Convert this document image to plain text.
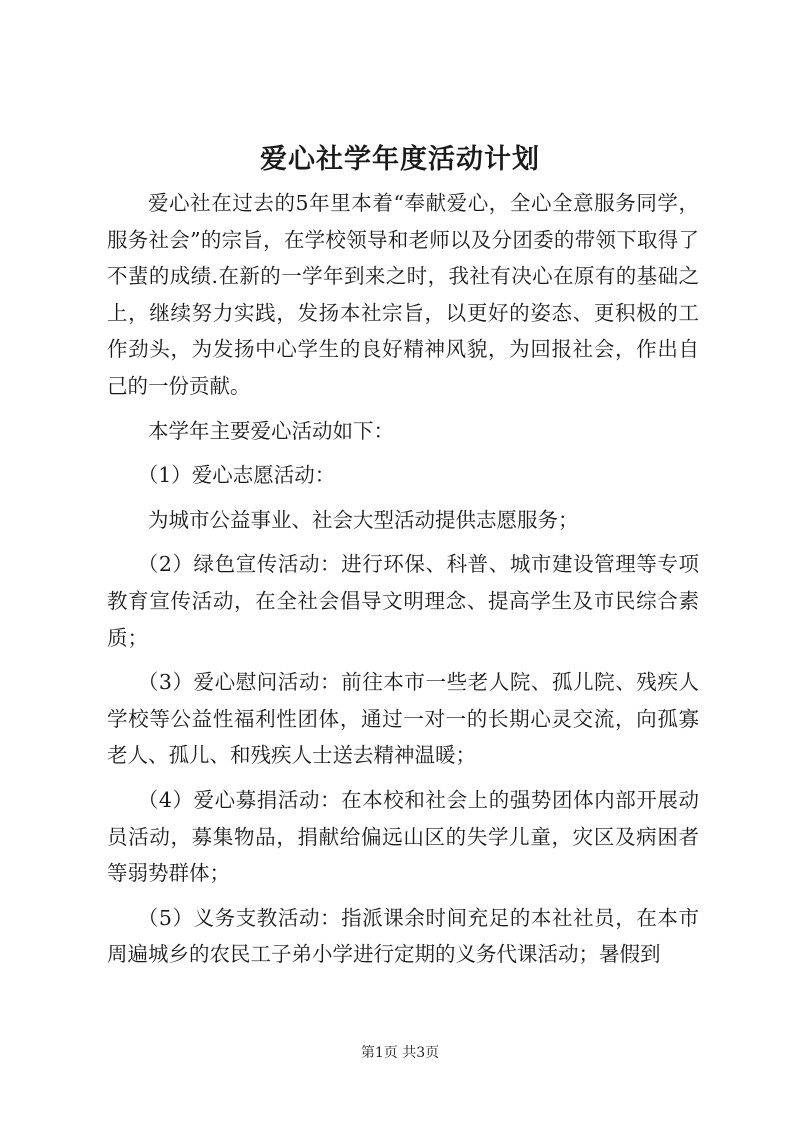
爱心社学年度活动计划

爱心社在过去的5年里本着“奉献爱心，全心全意服务同学，服务社会”的宗旨，在学校领导和老师以及分团委的带领下取得了不蜚的成绩.在新的一学年到来之时，我社有决心在原有的基础之上，继续努力实践，发扬本社宗旨，以更好的姿态、更积极的工作劲头，为发扬中心学生的良好精神风貌，为回报社会，作出自己的一份贡献。

本学年主要爱心活动如下：

（1）爱心志愿活动：

为城市公益事业、社会大型活动提供志愿服务；

（2）绿色宣传活动：进行环保、科普、城市建设管理等专项教育宣传活动，在全社会倡导文明理念、提高学生及市民综合素质；

（3）爱心慰问活动：前往本市一些老人院、孤儿院、残疾人学校等公益性福利性团体，通过一对一的长期心灵交流，向孤寡老人、孤儿、和残疾人士送去精神温暖；

（4）爱心募捐活动：在本校和社会上的强势团体内部开展动员活动，募集物品，捐献给偏远山区的失学儿童，灾区及病困者等弱势群体；

（5）义务支教活动：指派课余时间充足的本社社员，在本市周遍城乡的农民工子弟小学进行定期的义务代课活动；暑假到

第1页 共3页
